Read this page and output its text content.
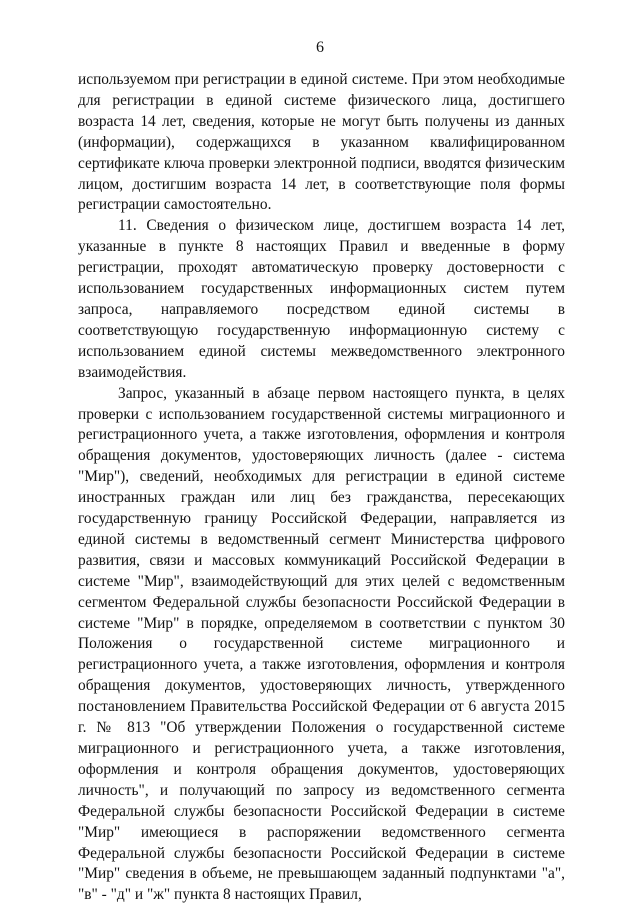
6

используемом при регистрации в единой системе. При этом необходимые для регистрации в единой системе физического лица, достигшего возраста 14 лет, сведения, которые не могут быть получены из данных (информации), содержащихся в указанном квалифицированном сертификате ключа проверки электронной подписи, вводятся физическим лицом, достигшим возраста 14 лет, в соответствующие поля формы регистрации самостоятельно.

11. Сведения о физическом лице, достигшем возраста 14 лет, указанные в пункте 8 настоящих Правил и введенные в форму регистрации, проходят автоматическую проверку достоверности с использованием государственных информационных систем путем запроса, направляемого посредством единой системы в соответствующую государственную информационную систему с использованием единой системы межведомственного электронного взаимодействия.

Запрос, указанный в абзаце первом настоящего пункта, в целях проверки с использованием государственной системы миграционного и регистрационного учета, а также изготовления, оформления и контроля обращения документов, удостоверяющих личность (далее - система "Мир"), сведений, необходимых для регистрации в единой системе иностранных граждан или лиц без гражданства, пересекающих государственную границу Российской Федерации, направляется из единой системы в ведомственный сегмент Министерства цифрового развития, связи и массовых коммуникаций Российской Федерации в системе "Мир", взаимодействующий для этих целей с ведомственным сегментом Федеральной службы безопасности Российской Федерации в системе "Мир" в порядке, определяемом в соответствии с пунктом 30 Положения о государственной системе миграционного и регистрационного учета, а также изготовления, оформления и контроля обращения документов, удостоверяющих личность, утвержденного постановлением Правительства Российской Федерации от 6 августа 2015 г. № 813 "Об утверждении Положения о государственной системе миграционного и регистрационного учета, а также изготовления, оформления и контроля обращения документов, удостоверяющих личность", и получающий по запросу из ведомственного сегмента Федеральной службы безопасности Российской Федерации в системе "Мир" имеющиеся в распоряжении ведомственного сегмента Федеральной службы безопасности Российской Федерации в системе "Мир" сведения в объеме, не превышающем заданный подпунктами "а", "в" - "д" и "ж" пункта 8 настоящих Правил,
